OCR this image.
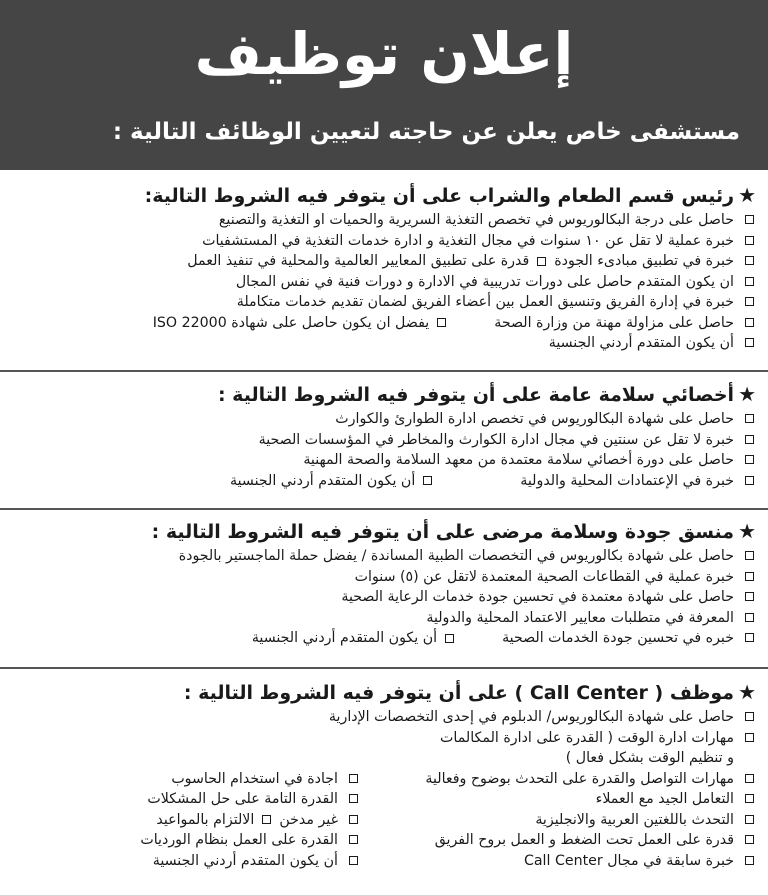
إعلان توظيف
مستشفى خاص يعلن عن حاجته لتعيين الوظائف التالية :
★رئيس قسم الطعام والشراب على أن يتوفر فيه الشروط التالية:
حاصل على درجة البكالوريوس في تخصص التغذية السريرية والحميات او التغذية والتصنيع
خبرة عملية لا تقل عن ١٠ سنوات في مجال التغذية و ادارة خدمات التغذية في المستشفيات
خبرة في تطبيق مبادىء الجودةقدرة على تطبيق المعايير العالمية والمحلية في تنفيذ العمل
ان يكون المتقدم حاصل على دورات تدريبية في الادارة و دورات فنية في نفس المجال
خبرة في إدارة الفريق وتنسيق العمل بين أعضاء الفريق لضمان تقديم خدمات متكاملة
حاصل على مزاولة مهنة من وزارة الصحةيفضل ان يكون حاصل على شهادة ISO 22000
أن يكون المتقدم أردني الجنسية
★أخصائي سلامة عامة على أن يتوفر فيه الشروط التالية :
حاصل على شهادة البكالوريوس في تخصص ادارة الطوارئ والكوارث
خبرة لا تقل عن سنتين في مجال ادارة الكوارث والمخاطر في المؤسسات الصحية
حاصل على دورة أخصائي سلامة معتمدة من معهد السلامة والصحة المهنية
خبرة في الإعتمادات المحلية والدوليةأن يكون المتقدم أردني الجنسية
★منسق جودة وسلامة مرضى على أن يتوفر فيه الشروط التالية :
حاصل على شهادة بكالوريوس في التخصصات الطبية المساندة / يفضل حملة الماجستير بالجودة
خبرة عملية في القطاعات الصحية المعتمدة لاتقل عن (٥) سنوات
حاصل على شهادة معتمدة في تحسين جودة خدمات الرعاية الصحية
المعرفة في متطلبات معايير الاعتماد المحلية والدولية
خبره في تحسين جودة الخدمات الصحيةأن يكون المتقدم أردني الجنسية
★موظف ( Call Center ) على أن يتوفر فيه الشروط التالية :
حاصل على شهادة البكالوريوس/ الدبلوم في إحدى التخصصات الإدارية
مهارات ادارة الوقت ( القدرة على ادارة المكالمات
و تنظيم الوقت بشكل فعال )
مهارات التواصل والقدرة على التحدث بوضوح وفعالية
التعامل الجيد مع العملاء
التحدث باللغتين العربية والانجليزية
قدرة على العمل تحت الضغط و العمل بروح الفريق
خبرة سابقة في مجال Call Center
اجادة في استخدام الحاسوب
القدرة التامة على حل المشكلات
غير مدخنالالتزام بالمواعيد
القدرة على العمل بنظام الورديات
أن يكون المتقدم أردني الجنسية
